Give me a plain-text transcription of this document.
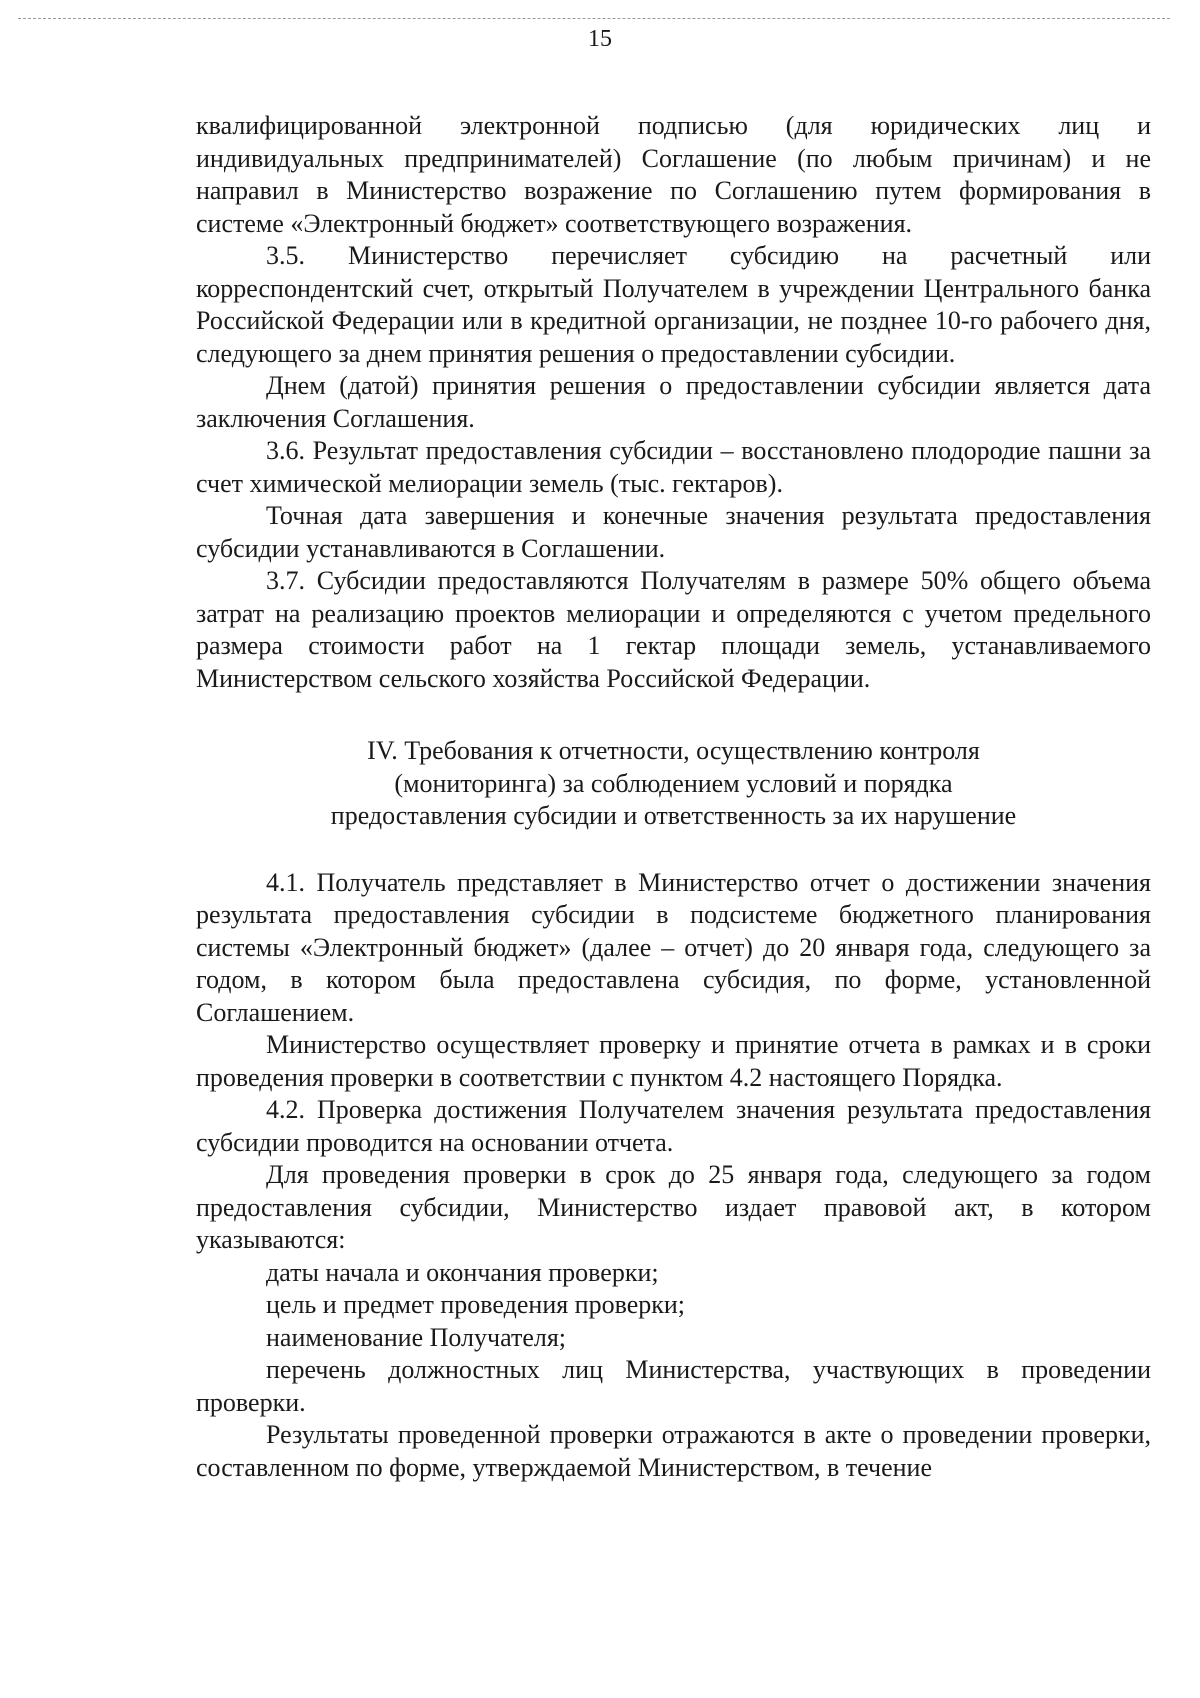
15

квалифицированной электронной подписью (для юридических лиц и индивидуальных предпринимателей) Соглашение (по любым причинам) и не направил в Министерство возражение по Соглашению путем формирования в системе «Электронный бюджет» соответствующего возражения.

3.5. Министерство перечисляет субсидию на расчетный или корреспондентский счет, открытый Получателем в учреждении Центрального банка Российской Федерации или в кредитной организации, не позднее 10-го рабочего дня, следующего за днем принятия решения о предоставлении субсидии.

Днем (датой) принятия решения о предоставлении субсидии является дата заключения Соглашения.

3.6. Результат предоставления субсидии – восстановлено плодородие пашни за счет химической мелиорации земель (тыс. гектаров).

Точная дата завершения и конечные значения результата предоставления субсидии устанавливаются в Соглашении.

3.7. Субсидии предоставляются Получателям в размере 50% общего объема затрат на реализацию проектов мелиорации и определяются с учетом предельного размера стоимости работ на 1 гектар площади земель, устанавливаемого Министерством сельского хозяйства Российской Федерации.

IV. Требования к отчетности, осуществлению контроля
(мониторинга) за соблюдением условий и порядка
предоставления субсидии и ответственность за их нарушение

4.1. Получатель представляет в Министерство отчет о достижении значения результата предоставления субсидии в подсистеме бюджетного планирования системы «Электронный бюджет» (далее – отчет) до 20 января года, следующего за годом, в котором была предоставлена субсидия, по форме, установленной Соглашением.

Министерство осуществляет проверку и принятие отчета в рамках и в сроки проведения проверки в соответствии с пунктом 4.2 настоящего Порядка.

4.2. Проверка достижения Получателем значения результата предоставления субсидии проводится на основании отчета.

Для проведения проверки в срок до 25 января года, следующего за годом предоставления субсидии, Министерство издает правовой акт, в котором указываются:

даты начала и окончания проверки;

цель и предмет проведения проверки;

наименование Получателя;

перечень должностных лиц Министерства, участвующих в проведении проверки.

Результаты проведенной проверки отражаются в акте о проведении проверки, составленном по форме, утверждаемой Министерством, в течение
